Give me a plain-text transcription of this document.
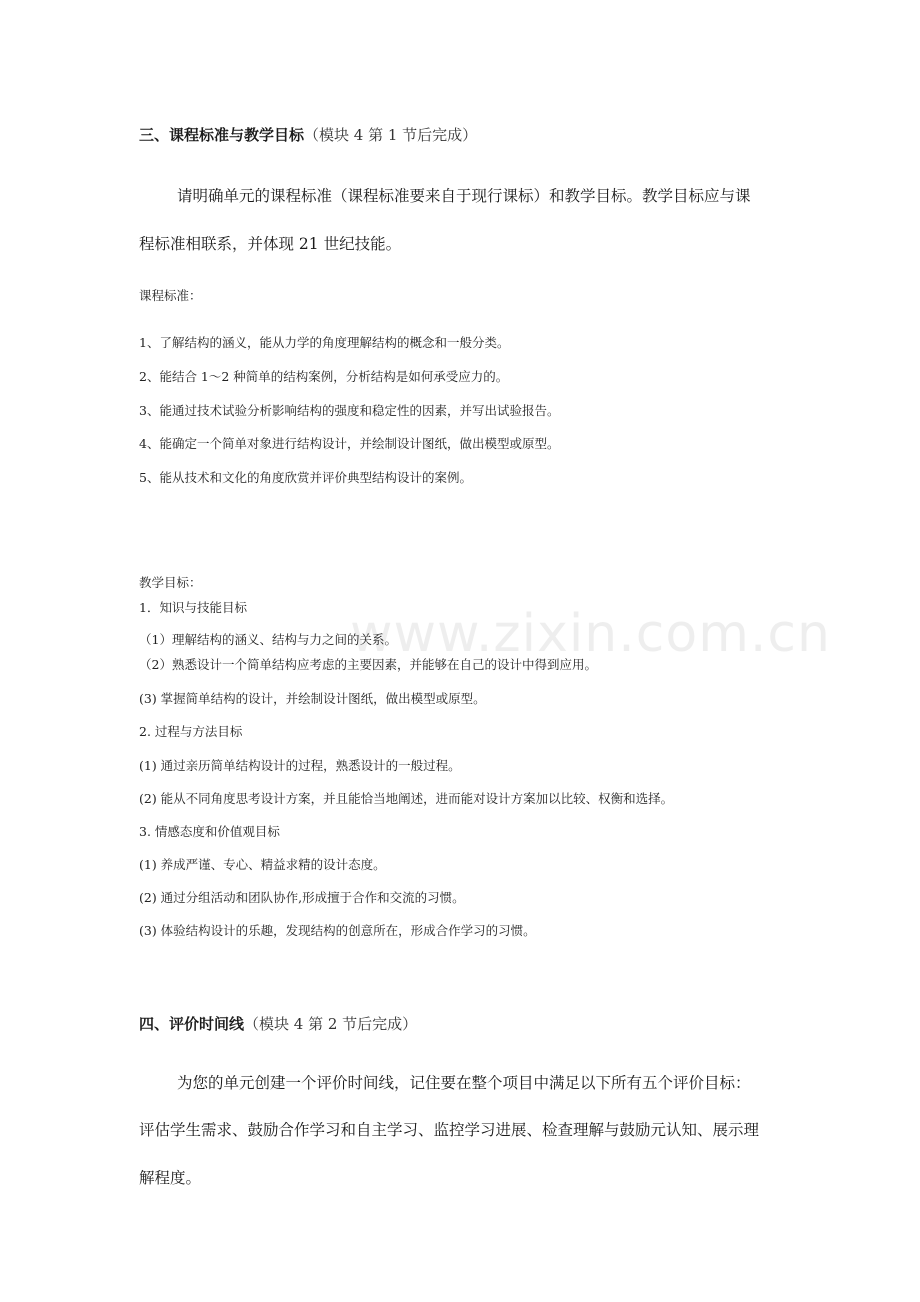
www.zixin.com.cn
三、课程标准与教学目标（模块 4 第 1 节后完成）
请明确单元的课程标准（课程标准要来自于现行课标）和教学目标。教学目标应与课
程标准相联系，并体现 21 世纪技能。
课程标准：
1、了解结构的涵义，能从力学的角度理解结构的概念和一般分类。
2、能结合 1～2 种简单的结构案例，分析结构是如何承受应力的。
3、能通过技术试验分析影响结构的强度和稳定性的因素，并写出试验报告。
4、能确定一个简单对象进行结构设计，并绘制设计图纸，做出模型或原型。
5、能从技术和文化的角度欣赏并评价典型结构设计的案例。
教学目标：
1．知识与技能目标
（1）理解结构的涵义、结构与力之间的关系。
（2）熟悉设计一个简单结构应考虑的主要因素，并能够在自己的设计中得到应用。
(3) 掌握简单结构的设计，并绘制设计图纸，做出模型或原型。
2. 过程与方法目标
(1) 通过亲历简单结构设计的过程，熟悉设计的一般过程。
(2) 能从不同角度思考设计方案，并且能恰当地阐述，进而能对设计方案加以比较、权衡和选择。
3. 情感态度和价值观目标
(1) 养成严谨、专心、精益求精的设计态度。
(2) 通过分组活动和团队协作,形成擅于合作和交流的习惯。
(3) 体验结构设计的乐趣，发现结构的创意所在，形成合作学习的习惯。
四、评价时间线（模块 4 第 2 节后完成）
为您的单元创建一个评价时间线，记住要在整个项目中满足以下所有五个评价目标：
评估学生需求、鼓励合作学习和自主学习、监控学习进展、检查理解与鼓励元认知、展示理
解程度。
